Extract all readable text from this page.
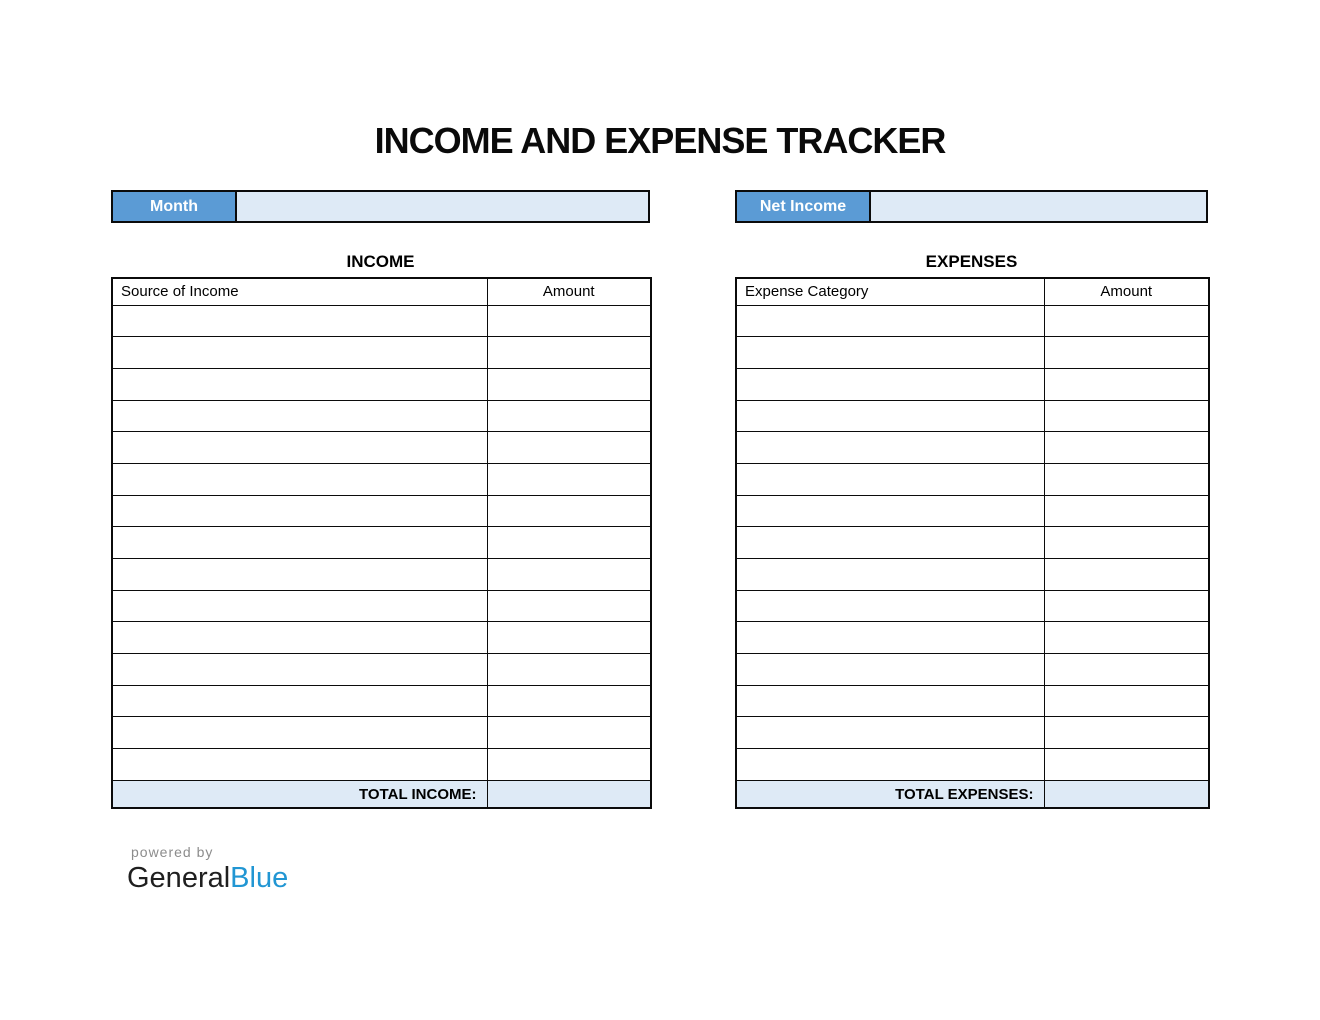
INCOME AND EXPENSE TRACKER
Month	Net Income
INCOME	EXPENSES
Source of Income	Amount

TOTAL INCOME:	
Expense Category	Amount

TOTAL EXPENSES:	
powered by
GeneralBlue
